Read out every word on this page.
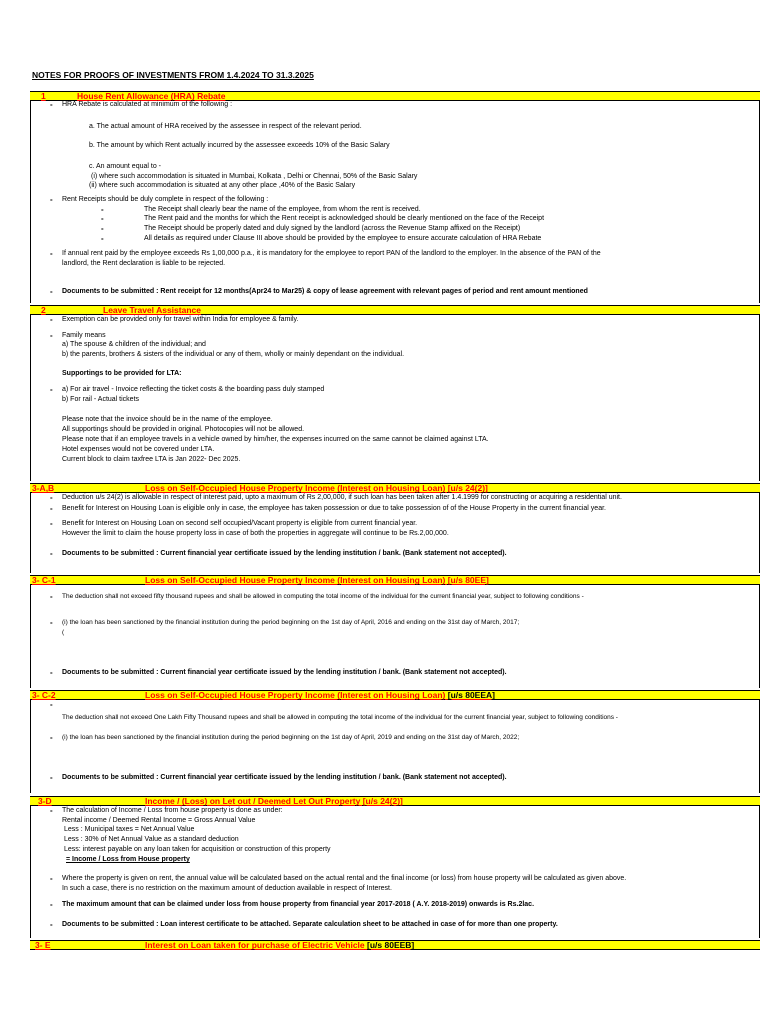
NOTES FOR PROOFS OF INVESTMENTS FROM 1.4.2024 TO 31.3.2025
1	House Rent Allowance (HRA) Rebate
- HRA Rebate is calculated at minimum of the following :
a. The actual amount of HRA received by the assessee in respect of the relevant period.
b. The amount by which Rent actually incurred by the assessee exceeds 10% of the Basic Salary
c. An amount equal to -
(i) where such accommodation is situated in Mumbai, Kolkata , Delhi or Chennai, 50% of the Basic Salary
(ii) where such accommodation is situated at any other place ,40% of the Basic Salary
- Rent Receipts should be duly complete in respect of the following :
-	The Receipt shall clearly bear the name of the employee, from whom the rent is received.
-	The Rent paid and the months for which the Rent receipt is acknowledged should be clearly mentioned on the face of the Receipt
-	The Receipt should be properly dated and duly signed by the landlord (across the Revenue Stamp affixed on the Receipt)
-	All details as required under Clause III above should be provided by the employee to ensure accurate calculation of HRA Rebate
- If annual rent paid by the employee exceeds Rs 1,00,000 p.a., it is mandatory for the employee to report PAN of the landlord to the employer. In the absence of the PAN of the
landlord, the Rent declaration is liable to be rejected.
- Documents to be submitted : Rent receipt for 12 months(Apr24 to Mar25) & copy of lease agreement with relevant pages of period and rent amount mentioned
2	Leave Travel Assistance
- Exemption can be provided only for travel within India for employee & family.
- Family means
a) The spouse & children of the individual; and
b) the parents, brothers & sisters of the individual or any of them, wholly or mainly dependant on the individual.
Supportings to be provided for LTA:
- a) For air travel - Invoice reflecting the ticket costs & the boarding pass duly stamped
b) For rail - Actual tickets
Please note that the invoice should be in the name of the employee.
All supportings should be provided in original. Photocopies will not be allowed.
Please note that if an employee travels in a vehicle owned by him/her, the expenses incurred on the same cannot be claimed against LTA.
Hotel expenses would not be covered under LTA.
Current block to claim taxfree LTA is Jan 2022- Dec 2025.
3-A,B	Loss on Self-Occupied House Property Income (Interest on Housing Loan) [u/s 24(2)]
- Deduction u/s 24(2) is allowable in respect of interest paid, upto a maximum of Rs 2,00,000, if such loan has been taken after 1.4.1999 for constructing or acquiring a residential unit.
- Benefit for Interest on Housing Loan is eligible only in case, the employee has taken possession or due to take possession of of the House Property in the current financial year.
- Benefit for Interest on Housing Loan on second self occupied/Vacant property is eligible from current financial year.
However the limit to claim the house property loss in case of both the properties in aggregate will continue to be Rs.2,00,000.
- Documents to be submitted : Current financial year certificate issued by the lending institution / bank. (Bank statement not accepted).
3- C-1	Loss on Self-Occupied House Property Income (Interest on Housing Loan) [u/s 80EE]
- The deduction shall not exceed fifty thousand rupees and shall be allowed in computing the total income of the individual for the current financial year, subject to following conditions -
- (i) the loan has been sanctioned by the financial institution during the period beginning on the 1st day of April, 2016 and ending on the 31st day of March, 2017;
(
- Documents to be submitted : Current financial year certificate issued by the lending institution / bank. (Bank statement not accepted).
3- C-2	Loss on Self-Occupied House Property Income (Interest on Housing Loan) [u/s 80EEA]
-
The deduction shall not exceed One Lakh Fifty Thousand rupees and shall be allowed in computing the total income of the individual for the current financial year, subject to following conditions -
- (i) the loan has been sanctioned by the financial institution during the period beginning on the 1st day of April, 2019 and ending on the 31st day of March, 2022;
- Documents to be submitted : Current financial year certificate issued by the lending institution / bank. (Bank statement not accepted).
3-D	Income / (Loss) on Let out / Deemed Let Out Property [u/s 24(2)]
- The calculation of Income / Loss from house property is done as under:
Rental income / Deemed Rental Income = Gross Annual Value
Less : Municipal taxes = Net Annual Value
Less : 30% of Net Annual Value as a standard deduction
Less: interest payable on any loan taken for acquisition or construction of this property
= Income / Loss from House property
- Where the property is given on rent, the annual value will be calculated based on the actual rental and the final income (or loss) from house property will be calculated as given above.
In such a case, there is no restriction on the maximum amount of deduction available in respect of Interest.
- The maximum amount that can be claimed under loss from house property from financial year 2017-2018 ( A.Y. 2018-2019) onwards is Rs.2lac.
- Documents to be submitted : Loan interest certificate to be attached. Separate calculation sheet to be attached in case of for more than one property.
3- E	Interest on Loan taken for purchase of Electric Vehicle [u/s 80EEB]
